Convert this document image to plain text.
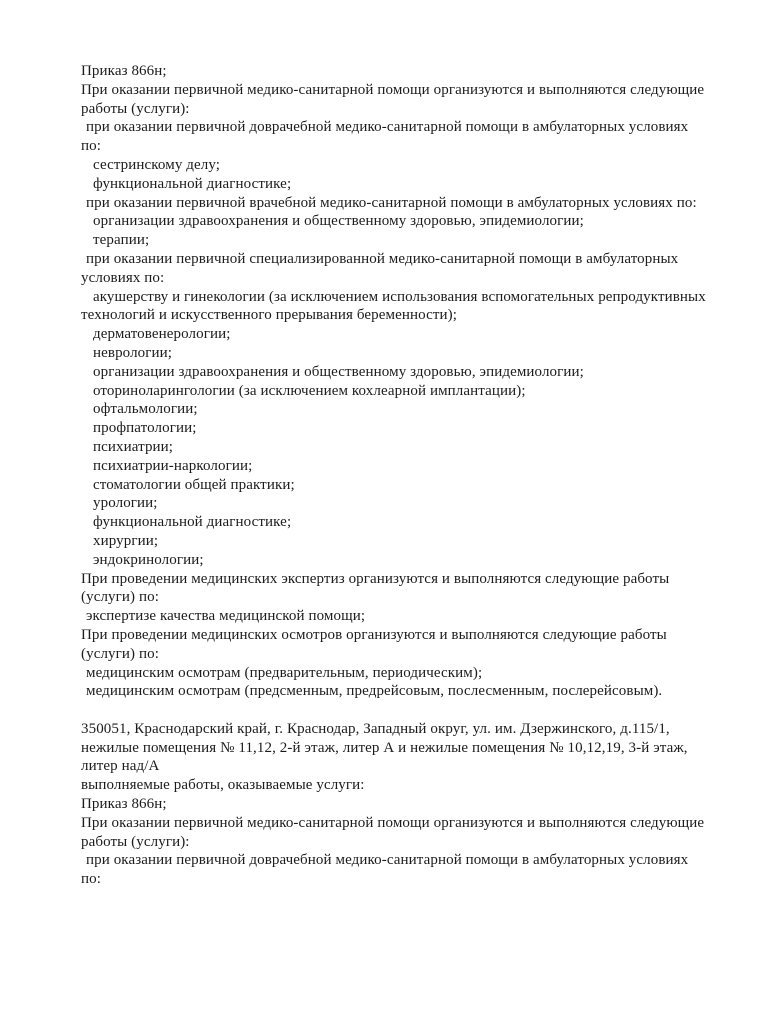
Приказ 866н;
При оказании первичной медико-санитарной помощи организуются и выполняются следующие
работы (услуги):
при оказании первичной доврачебной медико-санитарной помощи в амбулаторных условиях
по:
сестринскому делу;
функциональной диагностике;
при оказании первичной врачебной медико-санитарной помощи в амбулаторных условиях по:
организации здравоохранения и общественному здоровью, эпидемиологии;
терапии;
при оказании первичной специализированной медико-санитарной помощи в амбулаторных
условиях по:
акушерству и гинекологии (за исключением использования вспомогательных репродуктивных
технологий и искусственного прерывания беременности);
дерматовенерологии;
неврологии;
организации здравоохранения и общественному здоровью, эпидемиологии;
оториноларингологии (за исключением кохлеарной имплантации);
офтальмологии;
профпатологии;
психиатрии;
психиатрии-наркологии;
стоматологии общей практики;
урологии;
функциональной диагностике;
хирургии;
эндокринологии;
При проведении медицинских экспертиз организуются и выполняются следующие работы
(услуги) по:
экспертизе качества медицинской помощи;
При проведении медицинских осмотров организуются и выполняются следующие работы
(услуги) по:
медицинским осмотрам (предварительным, периодическим);
медицинским осмотрам (предсменным, предрейсовым, послесменным, послерейсовым).
350051, Краснодарский край, г. Краснодар, Западный округ, ул. им. Дзержинского, д.115/1,
нежилые помещения № 11,12, 2-й этаж, литер А и нежилые помещения № 10,12,19, 3-й этаж,
литер над/А
выполняемые работы, оказываемые услуги:
Приказ 866н;
При оказании первичной медико-санитарной помощи организуются и выполняются следующие
работы (услуги):
при оказании первичной доврачебной медико-санитарной помощи в амбулаторных условиях
по:
